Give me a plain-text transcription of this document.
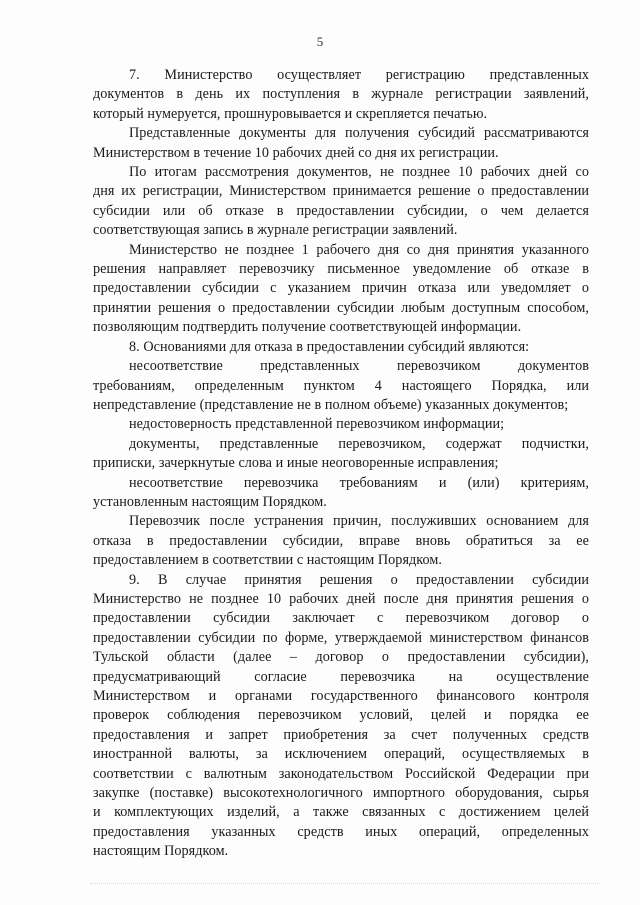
5
7. Министерство осуществляет регистрацию представленных
документов в день их поступления в журнале регистрации заявлений,
который нумеруется, прошнуровывается и скрепляется печатью.
Представленные документы для получения субсидий рассматриваются
Министерством в течение 10 рабочих дней со дня их регистрации.
По итогам рассмотрения документов, не позднее 10 рабочих дней со
дня их регистрации, Министерством принимается решение о предоставлении
субсидии или об отказе в предоставлении субсидии, о чем делается
соответствующая запись в журнале регистрации заявлений.
Министерство не позднее 1 рабочего дня со дня принятия указанного
решения направляет перевозчику письменное уведомление об отказе в
предоставлении субсидии с указанием причин отказа или уведомляет о
принятии решения о предоставлении субсидии любым доступным способом,
позволяющим подтвердить получение соответствующей информации.
8. Основаниями для отказа в предоставлении субсидий являются:
несоответствие представленных перевозчиком документов
требованиям, определенным пунктом 4 настоящего Порядка, или
непредставление (представление не в полном объеме) указанных документов;
недостоверность представленной перевозчиком информации;
документы, представленные перевозчиком, содержат подчистки,
приписки, зачеркнутые слова и иные неоговоренные исправления;
несоответствие перевозчика требованиям и (или) критериям,
установленным настоящим Порядком.
Перевозчик после устранения причин, послуживших основанием для
отказа в предоставлении субсидии, вправе вновь обратиться за ее
предоставлением в соответствии с настоящим Порядком.
9. В случае принятия решения о предоставлении субсидии
Министерство не позднее 10 рабочих дней после дня принятия решения о
предоставлении субсидии заключает с перевозчиком договор о
предоставлении субсидии по форме, утверждаемой министерством финансов
Тульской области (далее – договор о предоставлении субсидии),
предусматривающий согласие перевозчика на осуществление
Министерством и органами государственного финансового контроля
проверок соблюдения перевозчиком условий, целей и порядка ее
предоставления и запрет приобретения за счет полученных средств
иностранной валюты, за исключением операций, осуществляемых в
соответствии с валютным законодательством Российской Федерации при
закупке (поставке) высокотехнологичного импортного оборудования, сырья
и комплектующих изделий, а также связанных с достижением целей
предоставления указанных средств иных операций, определенных
настоящим Порядком.
